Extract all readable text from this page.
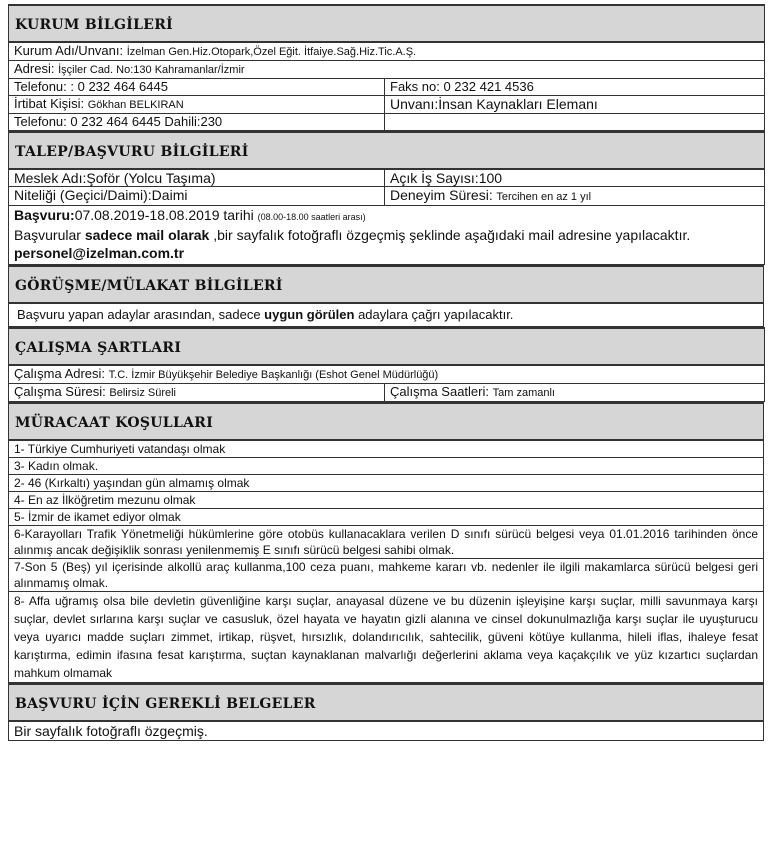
KURUM BİLGİLERİ	
Kurum Adı/Unvanı: İzelman Gen.Hiz.Otopark,Özel Eğit. İtfaiye.Sağ.Hiz.Tic.A.Ş.	
Adresi: İşçiler Cad. No:130 Kahramanlar/İzmir	
Telefonu: : 0 232 464 6445	Faks no: 0 232 421 4536
İrtibat Kişisi: Gökhan BELKIRAN	Unvanı:İnsan Kaynakları Elemanı
Telefonu: 0 232 464 6445 Dahili:230	
TALEP/BAŞVURU BİLGİLERİ	
Meslek Adı:Şoför (Yolcu Taşıma)	Açık İş Sayısı:100
Niteliği (Geçici/Daimi):Daimi	Deneyim Süresi: Tercihen en az 1 yıl

Başvuru:07.08.2019-18.08.2019 tarihi (08.00-18.00 saatleri arası)
Başvurular sadece mail olarak ,bir sayfalık fotoğraflı özgeçmiş şeklinde aşağıdaki mail adresine yapılacaktır.
personel@izelman.com.tr	
GÖRÜŞME/MÜLAKAT BİLGİLERİ
Başvuru yapan adaylar arasından, sadece uygun görülen adaylara çağrı yapılacaktır.
ÇALIŞMA ŞARTLARI
Çalışma Adresi: T.C. İzmir Büyükşehir Belediye Başkanlığı (Eshot Genel Müdürlüğü)
Çalışma Süresi: Belirsiz Süreli	Çalışma Saatleri: Tam zamanlı
MÜRACAAT KOŞULLARI
1- Türkiye Cumhuriyeti vatandaşı olmak
3- Kadın olmak.
2- 46 (Kırkaltı) yaşından gün almamış olmak
4- En az İlköğretim mezunu olmak
5- İzmir de ikamet ediyor olmak
6-Karayolları Trafik Yönetmeliği hükümlerine göre otobüs kullanacaklara verilen D sınıfı sürücü belgesi veya 01.01.2016 tarihinden önce alınmış ancak değişiklik sonrası yenilenmemiş E sınıfı sürücü belgesi sahibi olmak.
7-Son 5 (Beş) yıl içerisinde alkollü araç kullanma,100 ceza puanı, mahkeme kararı vb. nedenler ile ilgili makamlarca sürücü belgesi geri alınmamış olmak.
8- Affa uğramış olsa bile devletin güvenliğine karşı suçlar, anayasal düzene ve bu düzenin işleyişine karşı suçlar, milli savunmaya karşı suçlar, devlet sırlarına karşı suçlar ve casusluk, özel hayata ve hayatın gizli alanına ve cinsel dokunulmazlığa karşı suçlar ile uyuşturucu veya uyarıcı madde suçları zimmet, irtikap, rüşvet, hırsızlık, dolandırıcılık, sahtecilik, güveni kötüye kullanma, hileli iflas, ihaleye fesat karıştırma, edimin ifasına fesat karıştırma, suçtan kaynaklanan malvarlığı değerlerini aklama veya kaçakçılık ve yüz kızartıcı suçlardan mahkum olmamak
BAŞVURU İÇİN GEREKLİ BELGELER
Bir sayfalık fotoğraflı özgeçmiş.
